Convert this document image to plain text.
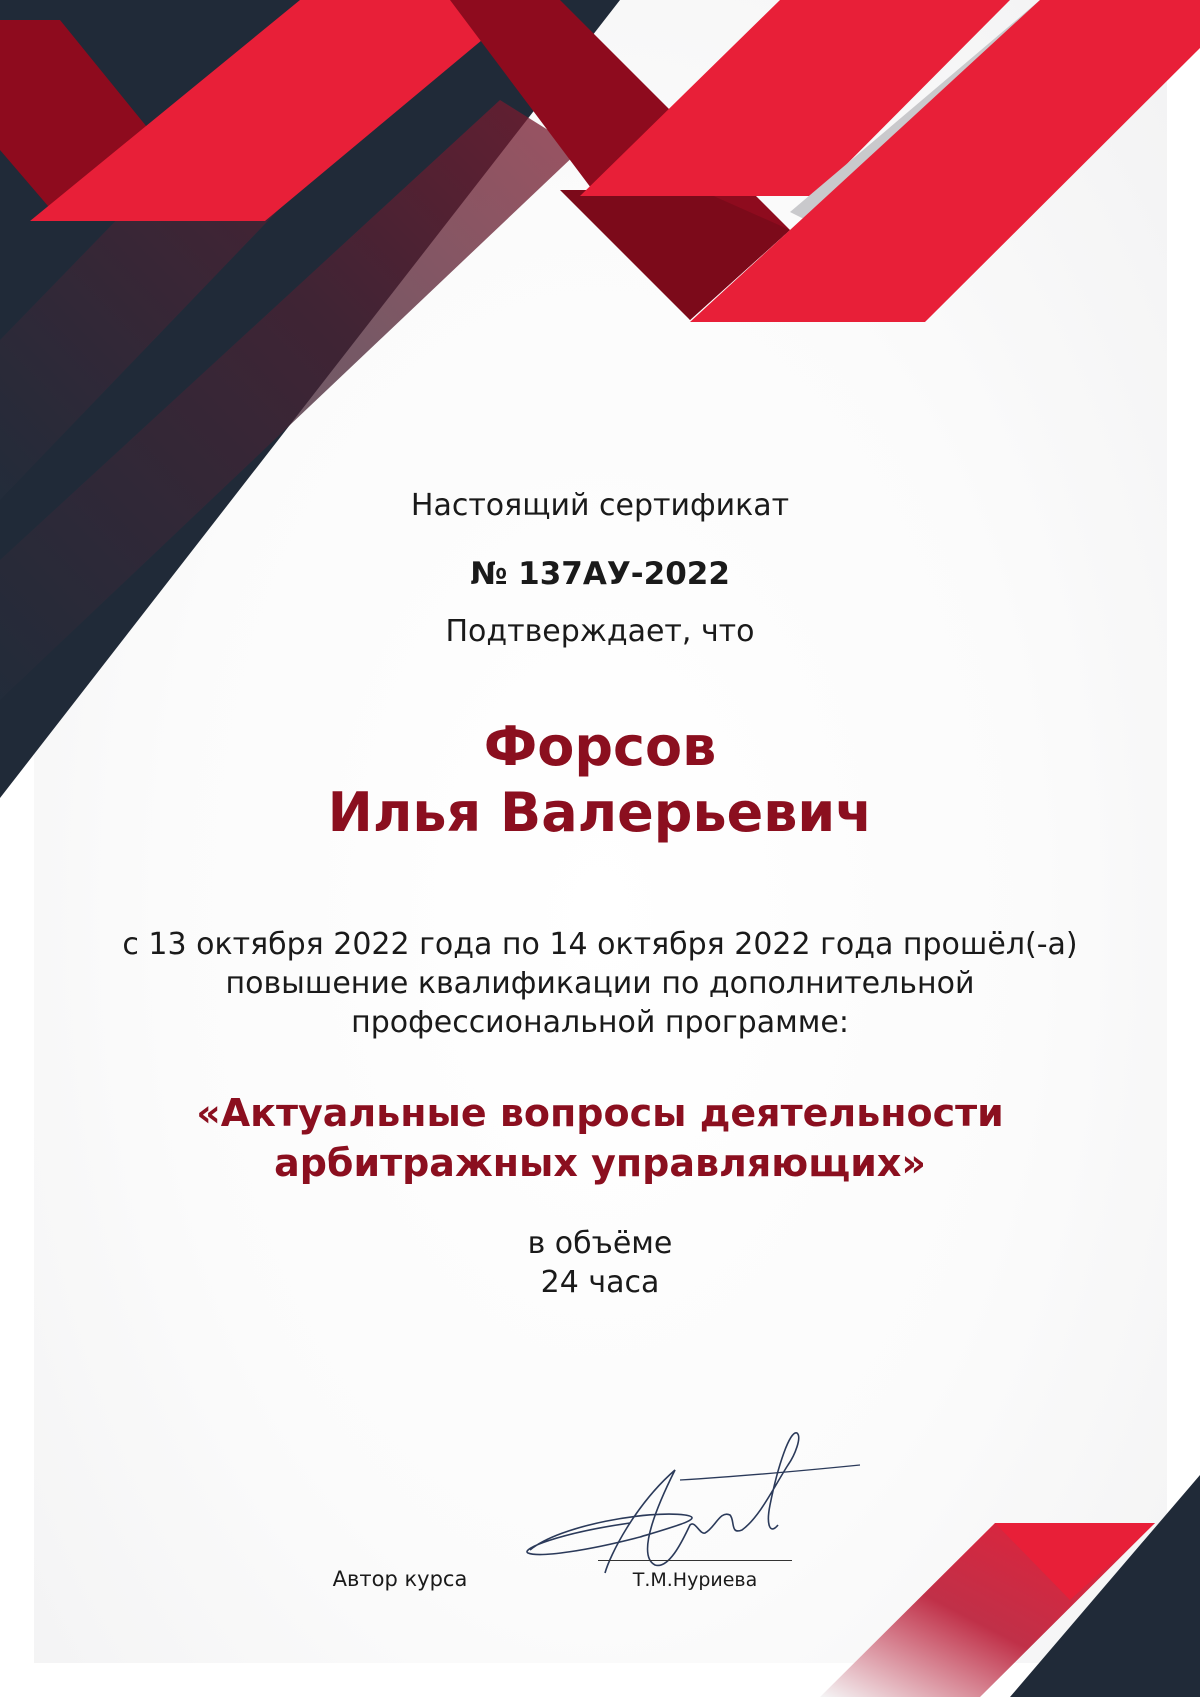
Настоящий сертификат
№ 137АУ-2022
Подтверждает, что
Форсов
Илья Валерьевич
с 13 октября 2022 года по 14 октября 2022 года прошёл(-а) повышение квалификации по дополнительной профессиональной программе:
«Актуальные вопросы деятельности
арбитражных управляющих»
в объёме
24 часа
Автор курса	Т.М.Нуриева
